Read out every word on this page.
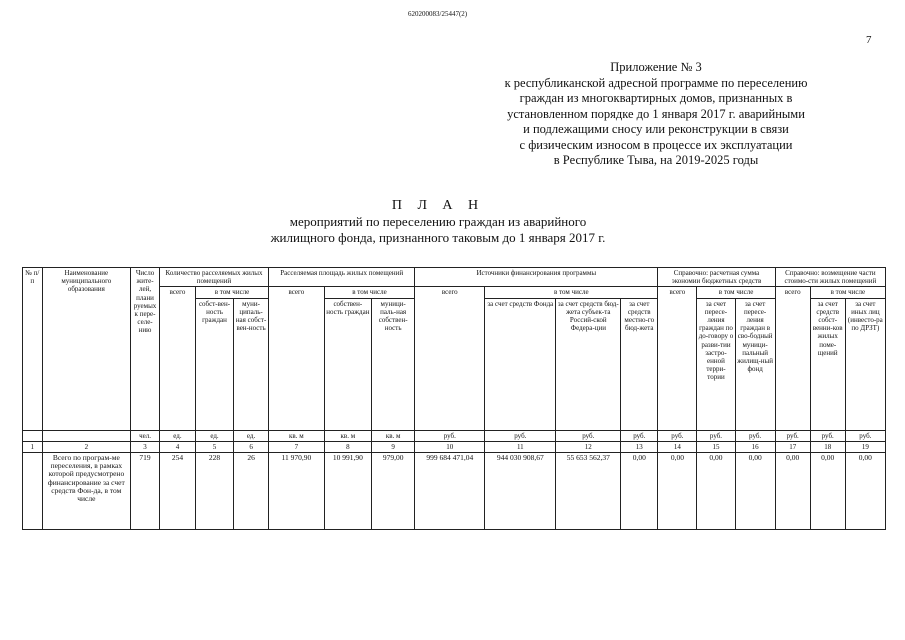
620200083/25447(2)
7
Приложение № 3
к республиканской адресной программе по переселению
граждан из многоквартирных домов, признанных в
установленном порядке до 1 января 2017 г. аварийными
и подлежащими сносу или реконструкции в связи
с физическим износом в процессе их эксплуатации
в Республике Тыва, на 2019-2025 годы
П Л А Н
мероприятий по переселению граждан из аварийного
жилищного фонда, признанного таковым до 1 января 2017 г.
№ п/п	Наименование муниципального образования	Число жите-лей, плани руемых к пере-селе-нию	Количество расселяемых жилых помещений			Расселяемая площадь жилых помещений			Источники финансирования программы				Справочно: расчетная сумма экономии бюджетных средств			Справочно: возмещение части стоимо-сти жилых помещений		
			всего	в том числе		всего	в том числе		всего	в том числе			всего	в том числе		всего	в том числе	
				собст-вен-ность граждан	муни-ципаль-ная собст-вен-ность		собствен-ность граждан	муници-паль-ная собствен-ность		за счет средств Фонда	за счет средств бюд-жета субъек-та Россий-ской Федера-ции	за счет средств местно-го бюд-жета		за счет пересе-ления граждан по до-говору о разви-тии застро-енной терри-тории	за счет пересе-ления граждан в сво-бодный муници-пальный жилищ-ный фонд		за счет средств собст-венни-ков жилых поме-щений	за счет иных лиц (инвесто-ра по ДРЗТ)
		чел.	ед.	ед.	ед.	кв. м	кв. м	кв. м	руб.	руб.	руб.	руб.	руб.	руб.	руб.	руб.	руб.	руб.
1	2	3	4	5	6	7	8	9	10	11	12	13	14	15	16	17	18	19
	Всего по програм-ме переселения, в рамках которой предусмотрено финансирование за счет средств Фон-да, в том числе	719	254	228	26	11 970,90	10 991,90	979,00	999 684 471,04	944 030 908,67	55 653 562,37	0,00	0,00	0,00	0,00	0,00	0,00	0,00
